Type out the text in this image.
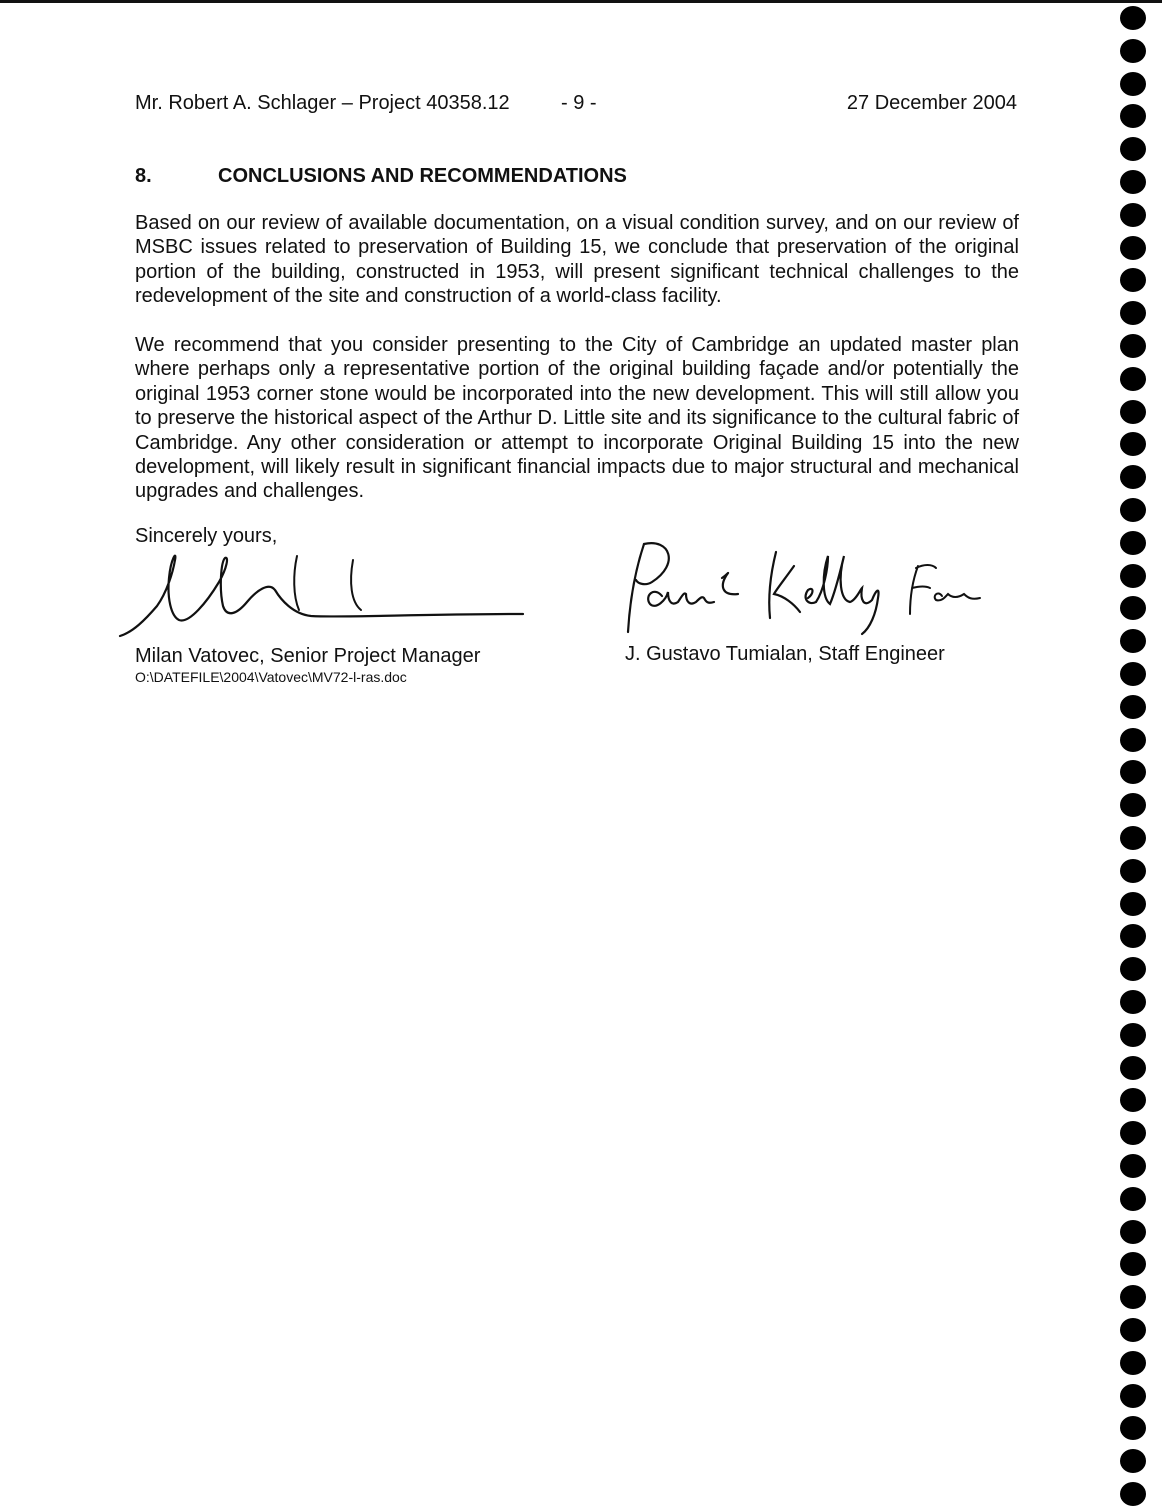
Mr. Robert A. Schlager – Project 40358.12	- 9 -	27 December 2004
8.	CONCLUSIONS AND RECOMMENDATIONS

Based on our review of available documentation, on a visual condition survey, and on our review of MSBC issues related to preservation of Building 15, we conclude that preservation of the original portion of the building, constructed in 1953, will present significant technical challenges to the redevelopment of the site and construction of a world-class facility.

We recommend that you consider presenting to the City of Cambridge an updated master plan where perhaps only a representative portion of the original building façade and/or potentially the original 1953 corner stone would be incorporated into the new development. This will still allow you to preserve the historical aspect of the Arthur D. Little site and its significance to the cultural fabric of Cambridge. Any other consideration or attempt to incorporate Original Building 15 into the new development, will likely result in significant financial impacts due to major structural and mechanical upgrades and challenges.

Sincerely yours,
Milan Vatovec, Senior Project Manager	J. Gustavo Tumialan, Staff Engineer
O:\DATEFILE\2004\Vatovec\MV72-l-ras.doc
